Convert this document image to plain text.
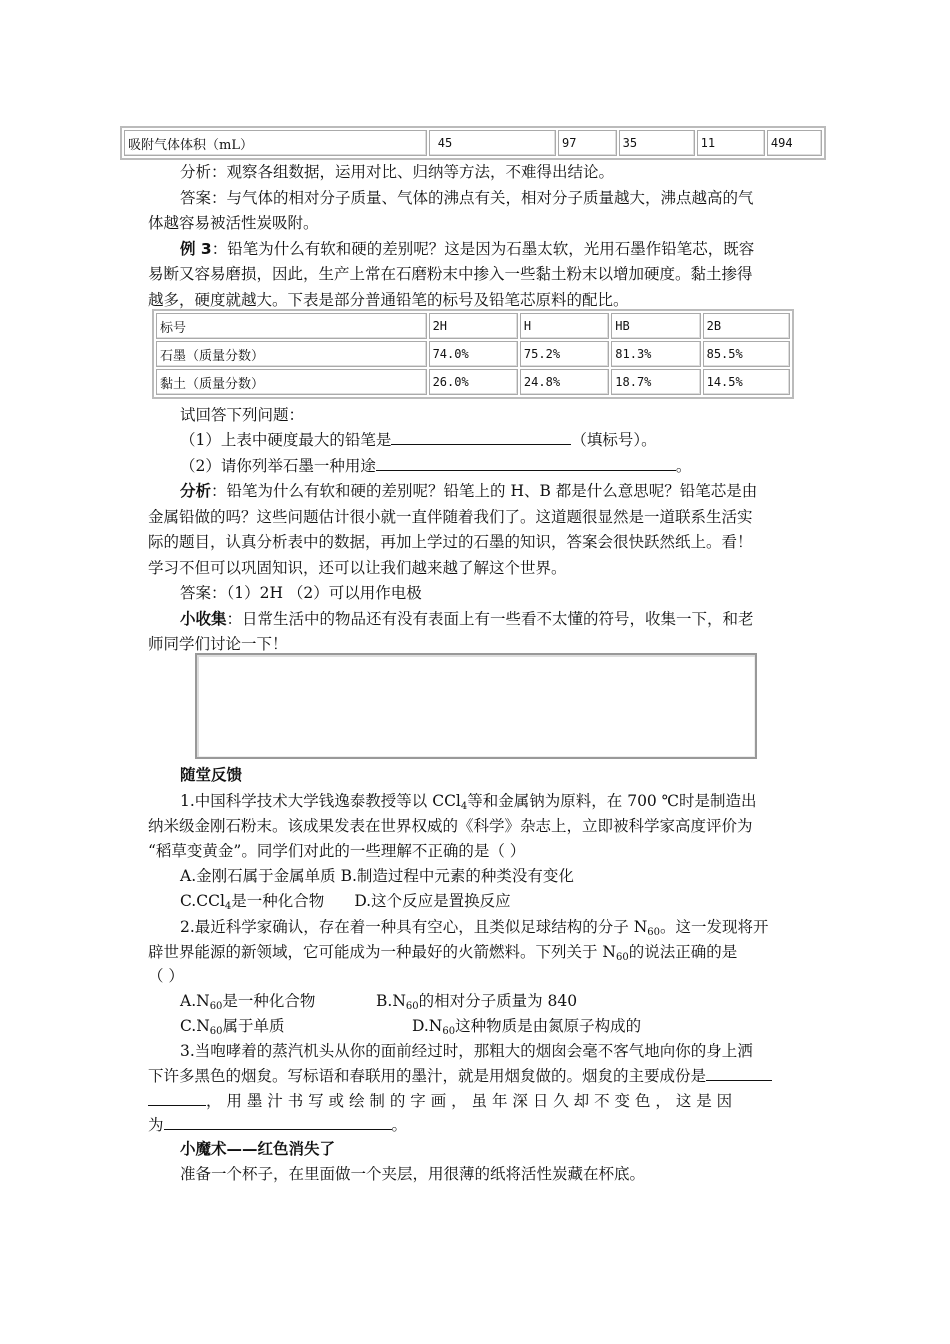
吸附气体体积（mL）	45	97	35	11	494
分析：观察各组数据，运用对比、归纳等方法，不难得出结论。
答案：与气体的相对分子质量、气体的沸点有关，相对分子质量越大，沸点越高的气
体越容易被活性炭吸附。
例 3：铅笔为什么有软和硬的差别呢？这是因为石墨太软，光用石墨作铅笔芯，既容
易断又容易磨损，因此，生产上常在石磨粉末中掺入一些黏土粉末以增加硬度。黏土掺得
越多，硬度就越大。下表是部分普通铅笔的标号及铅笔芯原料的配比。
标号	2H	H	HB	2B
石墨（质量分数）	74.0%	75.2%	81.3%	85.5%
黏土（质量分数）	26.0%	24.8%	18.7%	14.5%
试回答下列问题：
（1）上表中硬度最大的铅笔是	（填标号）。
（2）请你列举石墨一种用途	。
分析：铅笔为什么有软和硬的差别呢？铅笔上的 H、B 都是什么意思呢？铅笔芯是由
金属铅做的吗？这些问题估计很小就一直伴随着我们了。这道题很显然是一道联系生活实
际的题目，认真分析表中的数据，再加上学过的石墨的知识，答案会很快跃然纸上。看！
学习不但可以巩固知识，还可以让我们越来越了解这个世界。
答案：（1）2H （2）可以用作电极
小收集：日常生活中的物品还有没有表面上有一些看不太懂的符号，收集一下，和老
师同学们讨论一下！
随堂反馈
1.中国科学技术大学钱逸泰教授等以 CCl$_4$等和金属钠为原料，在 700 ℃时是制造出
纳米级金刚石粉末。该成果发表在世界权威的《科学》杂志上，立即被科学家高度评价为
“稻草变黄金”。同学们对此的一些理解不正确的是（ ）
A.金刚石属于金属单质 B.制造过程中元素的种类没有变化
C.CCl$_4$是一种化合物 D.这个反应是置换反应
2.最近科学家确认，存在着一种具有空心，且类似足球结构的分子 $N_{60}$。这一发现将开
辟世界能源的新领域，它可能成为一种最好的火箭燃料。下列关于 $N_{60}$的说法正确的是
（ ）
$A.N_{60}$是一种化合物	$B.N_{60}$的相对分子质量为 840
$C.N_{60}$属于单质	$D.N_{60}$这种物质是由氮原子构成的
3.当咆哮着的蒸汽机头从你的面前经过时，那粗大的烟囱会毫不客气地向你的身上洒
下许多黑色的烟炱。写标语和春联用的墨汁，就是用烟炱做的。烟炱的主要成份是
， 用 墨 汁 书 写 或 绘 制 的 字 画 ， 虽 年 深 日 久 却 不 变 色 ， 这 是 因
为	。
小魔术——红色消失了
准备一个杯子，在里面做一个夹层，用很薄的纸将活性炭藏在杯底。
